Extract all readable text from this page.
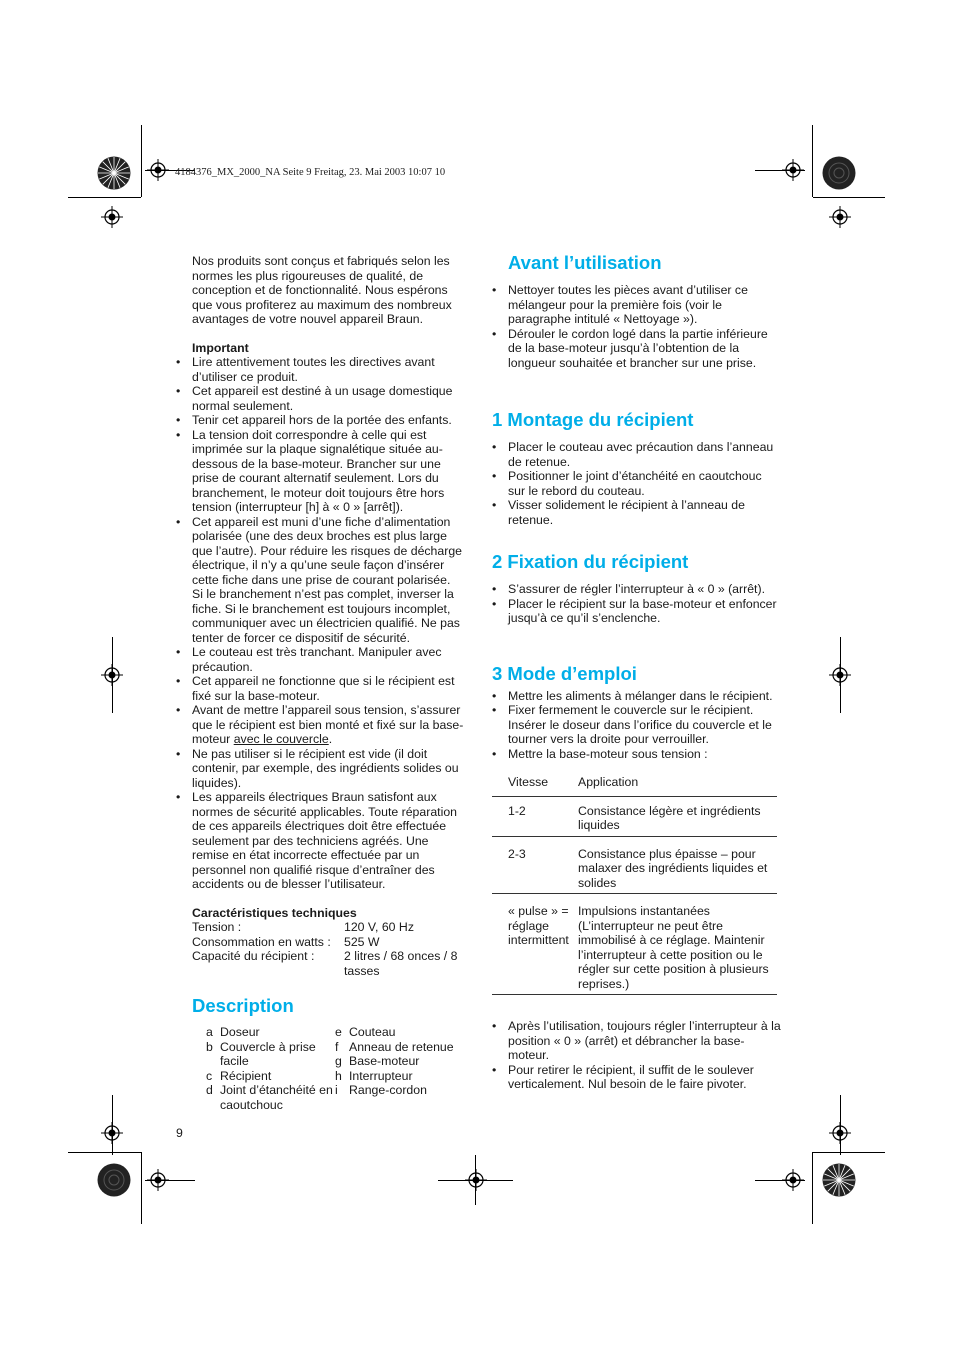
4184376_MX_2000_NA Seite 9 Freitag, 23. Mai 2003 10:07 10

Nos produits sont conçus et fabriqués selon les normes les plus rigoureuses de qualité, de conception et de fonctionnalité. Nous espérons que vous profiterez au maximum des nombreux avantages de votre nouvel appareil Braun.

Important

• Lire attentivement toutes les directives avant d’utiliser ce produit.
• Cet appareil est destiné à un usage domestique normal seulement.
• Tenir cet appareil hors de la portée des enfants.
• La tension doit correspondre à celle qui est imprimée sur la plaque signalétique située au-dessous de la base-moteur. Brancher sur une prise de courant alternatif seulement. Lors du branchement, le moteur doit toujours être hors tension (interrupteur [h] à « 0 » [arrêt]).
• Cet appareil est muni d’une fiche d’alimentation polarisée (une des deux broches est plus large que l’autre). Pour réduire les risques de décharge électrique, il n’y a qu’une seule façon d’insérer cette fiche dans une prise de courant polarisée. Si le branchement n’est pas complet, inverser la fiche. Si le branchement est toujours incomplet, communiquer avec un électricien qualifié. Ne pas tenter de forcer ce dispositif de sécurité.
• Le couteau est très tranchant. Manipuler avec précaution.
• Cet appareil ne fonctionne que si le récipient est fixé sur la base-moteur.
• Avant de mettre l’appareil sous tension, s’assurer que le récipient est bien monté et fixé sur la base-moteur avec le couvercle.
• Ne pas utiliser si le récipient est vide (il doit contenir, par exemple, des ingrédients solides ou liquides).
• Les appareils électriques Braun satisfont aux normes de sécurité applicables. Toute réparation de ces appareils électriques doit être effectuée seulement par des techniciens agréés. Une remise en état incorrecte effectuée par un personnel non qualifié risque d’entraîner des accidents ou de blesser l’utilisateur.

Caractéristiques techniques

Tension :	120 V, 60 Hz
Consommation en watts :	525 W
Capacité du récipient :	2 litres / 68 onces / 8 tasses
Description
a Doseur
b Couvercle à prise facile
c Récipient
d Joint d’étanchéité en caoutchouc
e Couteau
f Anneau de retenue
g Base-moteur
h Interrupteur
i Range-cordon
9
Avant l’utilisation
• Nettoyer toutes les pièces avant d’utiliser ce mélangeur pour la première fois (voir le paragraphe intitulé « Nettoyage »).
• Dérouler le cordon logé dans la partie inférieure de la base-moteur jusqu’à l’obtention de la longueur souhaitée et brancher sur une prise.
1 Montage du récipient
• Placer le couteau avec précaution dans l’anneau de retenue.
• Positionner le joint d’étanchéité en caoutchouc sur le rebord du couteau.
• Visser solidement le récipient à l’anneau de retenue.
2 Fixation du récipient
• S’assurer de régler l’interrupteur à « 0 » (arrêt).
• Placer le récipient sur la base-moteur et enfoncer jusqu’à ce qu’il s’enclenche.
3 Mode d’emploi
• Mettre les aliments à mélanger dans le récipient.
• Fixer fermement le couvercle sur le récipient. Insérer le doseur dans l’orifice du couvercle et le tourner vers la droite pour verrouiller.
• Mettre la base-moteur sous tension :
Vitesse	Application
1-2	Consistance légère et ingrédients liquides
2-3	Consistance plus épaisse – pour malaxer des ingrédients liquides et solides
« pulse » = réglage intermittent	Impulsions instantanées (L’interrupteur ne peut être immobilisé à ce réglage. Maintenir l’interrupteur à cette position ou le régler sur cette position à plusieurs reprises.)
• Après l’utilisation, toujours régler l’interrupteur à la position « 0 » (arrêt) et débrancher la base-moteur.
• Pour retirer le récipient, il suffit de le soulever verticalement. Nul besoin de le faire pivoter.
